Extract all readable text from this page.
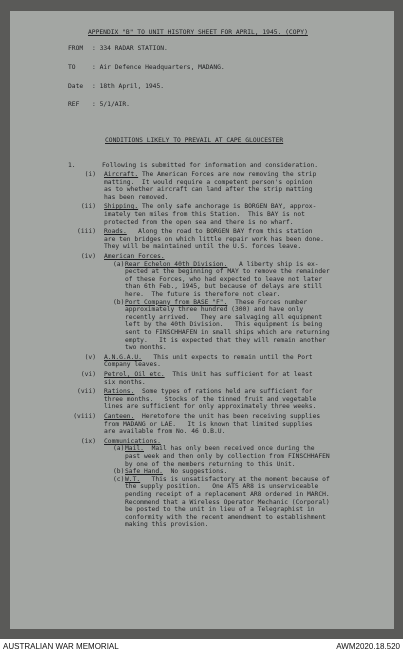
APPENDIX "B" TO UNIT HISTORY SHEET FOR APRIL, 1945. (COPY)
FROM : 334 RADAR STATION.
TO	: Air Defence Headquarters, MADANG.
Date : 18th April, 1945.
REF : 5/1/AIR.
CONDITIONS LIKELY TO PREVAIL AT CAPE GLOUCESTER
1.	Following is submitted for information and consideration.
(i) Aircraft. The American Forces are now removing the strip
matting.  It would require a competent person's opinion
as to whether aircraft can land after the strip matting
has been removed.
(ii) Shipping. The only safe anchorage is BORGEN BAY, approx-
imately ten miles from this Station.  This BAY is not
protected from the open sea and there is no wharf.
(iii) Roads. Along the road to BORGEN BAY from this station
are ten bridges on which little repair work has been done.
They will be maintained until the U.S. forces leave.
(iv) American Forces.
(a) Rear Echelon 40th Division. A liberty ship is ex-
pected at the beginning of MAY to remove the remainder
of these Forces, who had expected to leave not later
than 6th Feb., 1945, but because of delays are still
here.  The future is therefore not clear.
(b) Port Company from BASE "F". These Forces number
approximately three hundred (300) and have only
recently arrived.   They are salvaging all equipment
left by the 40th Division.   This equipment is being
sent to FINSCHHAFEN in small ships which are returning
empty.   It is expected that they will remain another
two months.
(v) A.N.G.A.U. This unit expects to remain until the Port
Company leaves.
(vi) Petrol, Oil etc. This Unit has sufficient for at least
six months.
(vii) Rations. Some types of rations held are sufficient for
three months.   Stocks of the tinned fruit and vegetable
lines are sufficient for only approximately three weeks.
(viii) Canteen. Heretofore the unit has been receiving supplies
from MADANG or LAE.   It is known that limited supplies
are available from No. 46 O.B.U.
(ix) Communications.
(a) Mail. Mail has only been received once during the
past week and then only by collection from FINSCHHAFEN
by one of the members returning to this Unit.
(b) Safe Hand. No suggestions.
(c) W.T. This is unsatisfactory at the moment because of
the supply position.   One AT5 AR8 is unserviceable
pending receipt of a replacement AR8 ordered in MARCH.
Recommend that a Wireless Operator Mechanic (Corporal)
be posted to the unit in lieu of a Telegraphist in
conformity with the recent amendment to establishment
making this provision.
AUSTRALIAN WAR MEMORIAL	AWM2020.18.520
